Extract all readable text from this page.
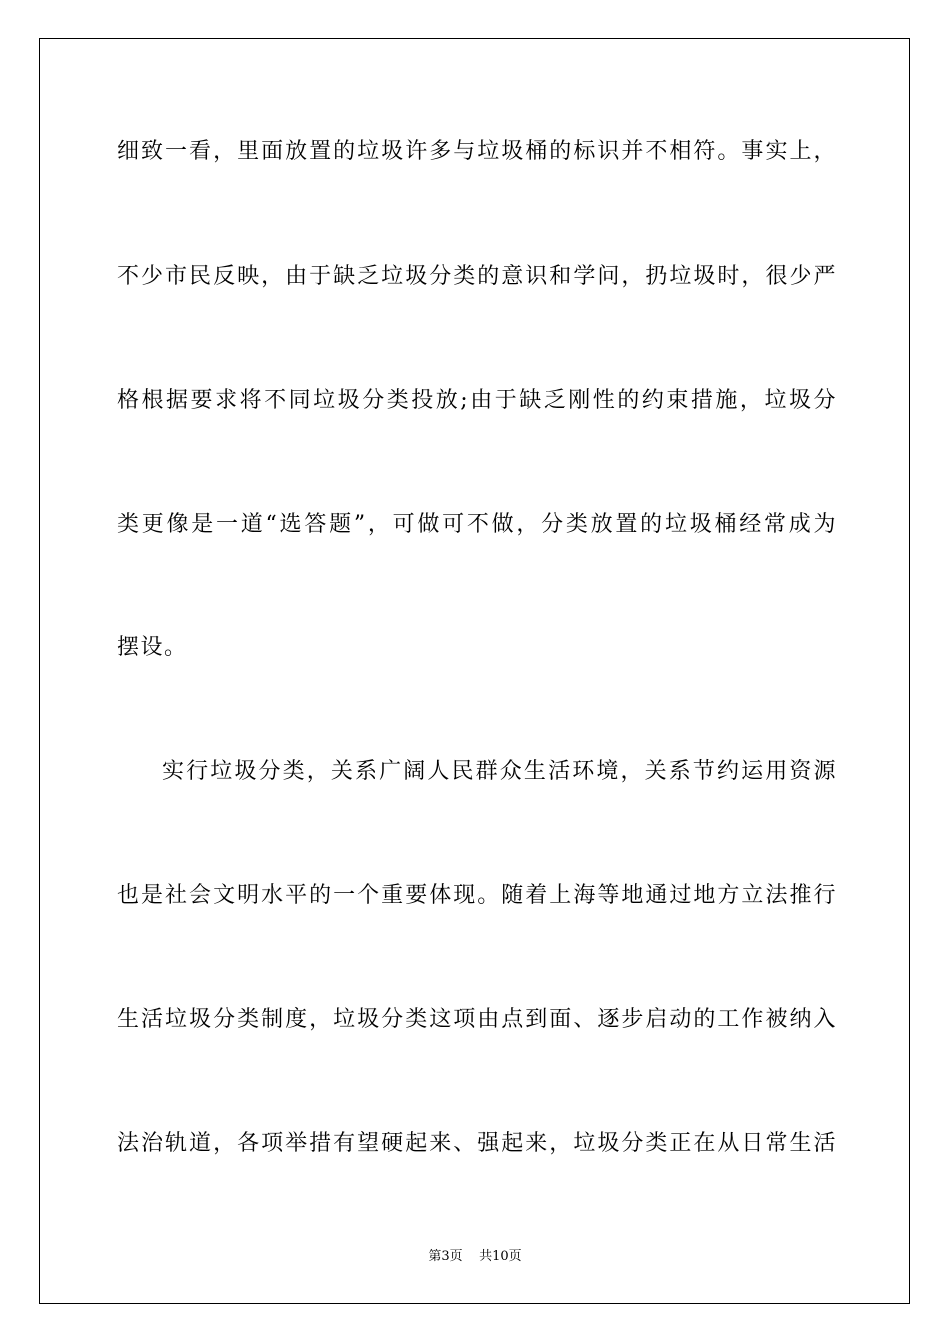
细致一看，里面放置的垃圾许多与垃圾桶的标识并不相符。事实上，
不少市民反映，由于缺乏垃圾分类的意识和学问，扔垃圾时，很少严
格根据要求将不同垃圾分类投放;由于缺乏刚性的约束措施，垃圾分
类更像是一道“选答题”，可做可不做，分类放置的垃圾桶经常成为
摆设。
实行垃圾分类，关系广阔人民群众生活环境，关系节约运用资源
也是社会文明水平的一个重要体现。随着上海等地通过地方立法推行
生活垃圾分类制度，垃圾分类这项由点到面、逐步启动的工作被纳入
法治轨道，各项举措有望硬起来、强起来，垃圾分类正在从日常生活
第3页 共10页
